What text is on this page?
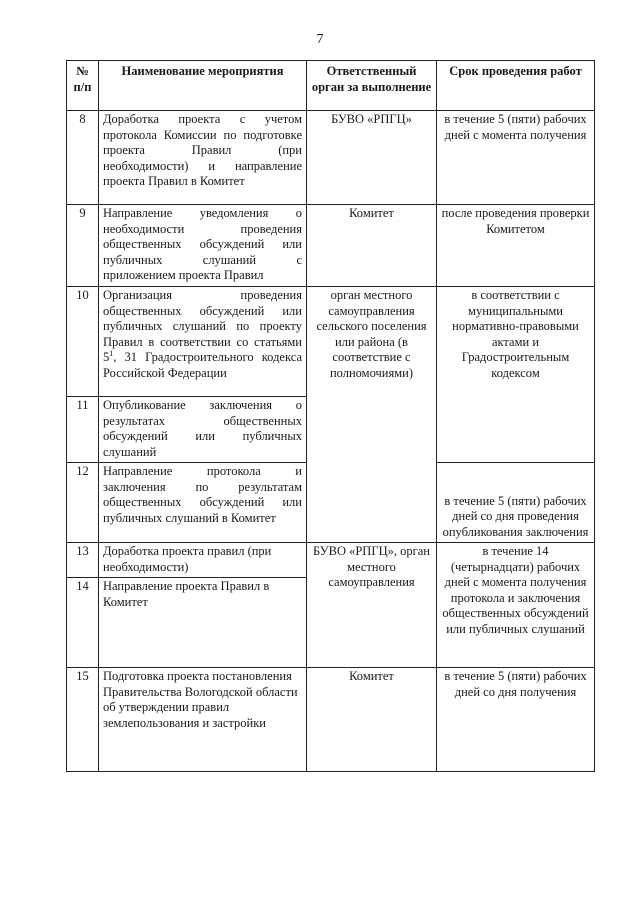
7
№ п/п	Наименование мероприятия	Ответственный орган за выполнение	Срок проведения работ
8	Доработка проекта с учетом протокола Комиссии по подготовке проекта Правил (при необходимости) и направление проекта Правил в Комитет	БУВО «РПГЦ»	в течение 5 (пяти) рабочих дней с момента получения
9	Направление уведомления о необходимости проведения общественных обсуждений или публичных слушаний с приложением проекта Правил	Комитет	после проведения проверки Комитетом
10	Организация проведения общественных обсуждений или публичных слушаний по проекту Правил в соответствии со статьями $5^1$, 31 Градостроительного кодекса Российской Федерации	орган местного самоуправления сельского поселения или района (в соответствие с полномочиями)	в соответствии с муниципальными нормативно-правовыми актами и Градостроительным кодексом
11	Опубликование заключения о результатах общественных обсуждений или публичных слушаний		
12	Направление протокола и заключения по результатам общественных обсуждений или публичных слушаний в Комитет		в течение 5 (пяти) рабочих дней со дня проведения опубликования заключения
13	Доработка проекта правил (при необходимости)	БУВО «РПГЦ», орган местного самоуправления	в течение 14 (четырнадцати) рабочих дней с момента получения протокола и заключения общественных обсуждений или публичных слушаний
14	Направление проекта Правил в Комитет		
15	Подготовка проекта постановления Правительства Вологодской области об утверждении правил землепользования и застройки	Комитет	в течение 5 (пяти) рабочих дней со дня получения
